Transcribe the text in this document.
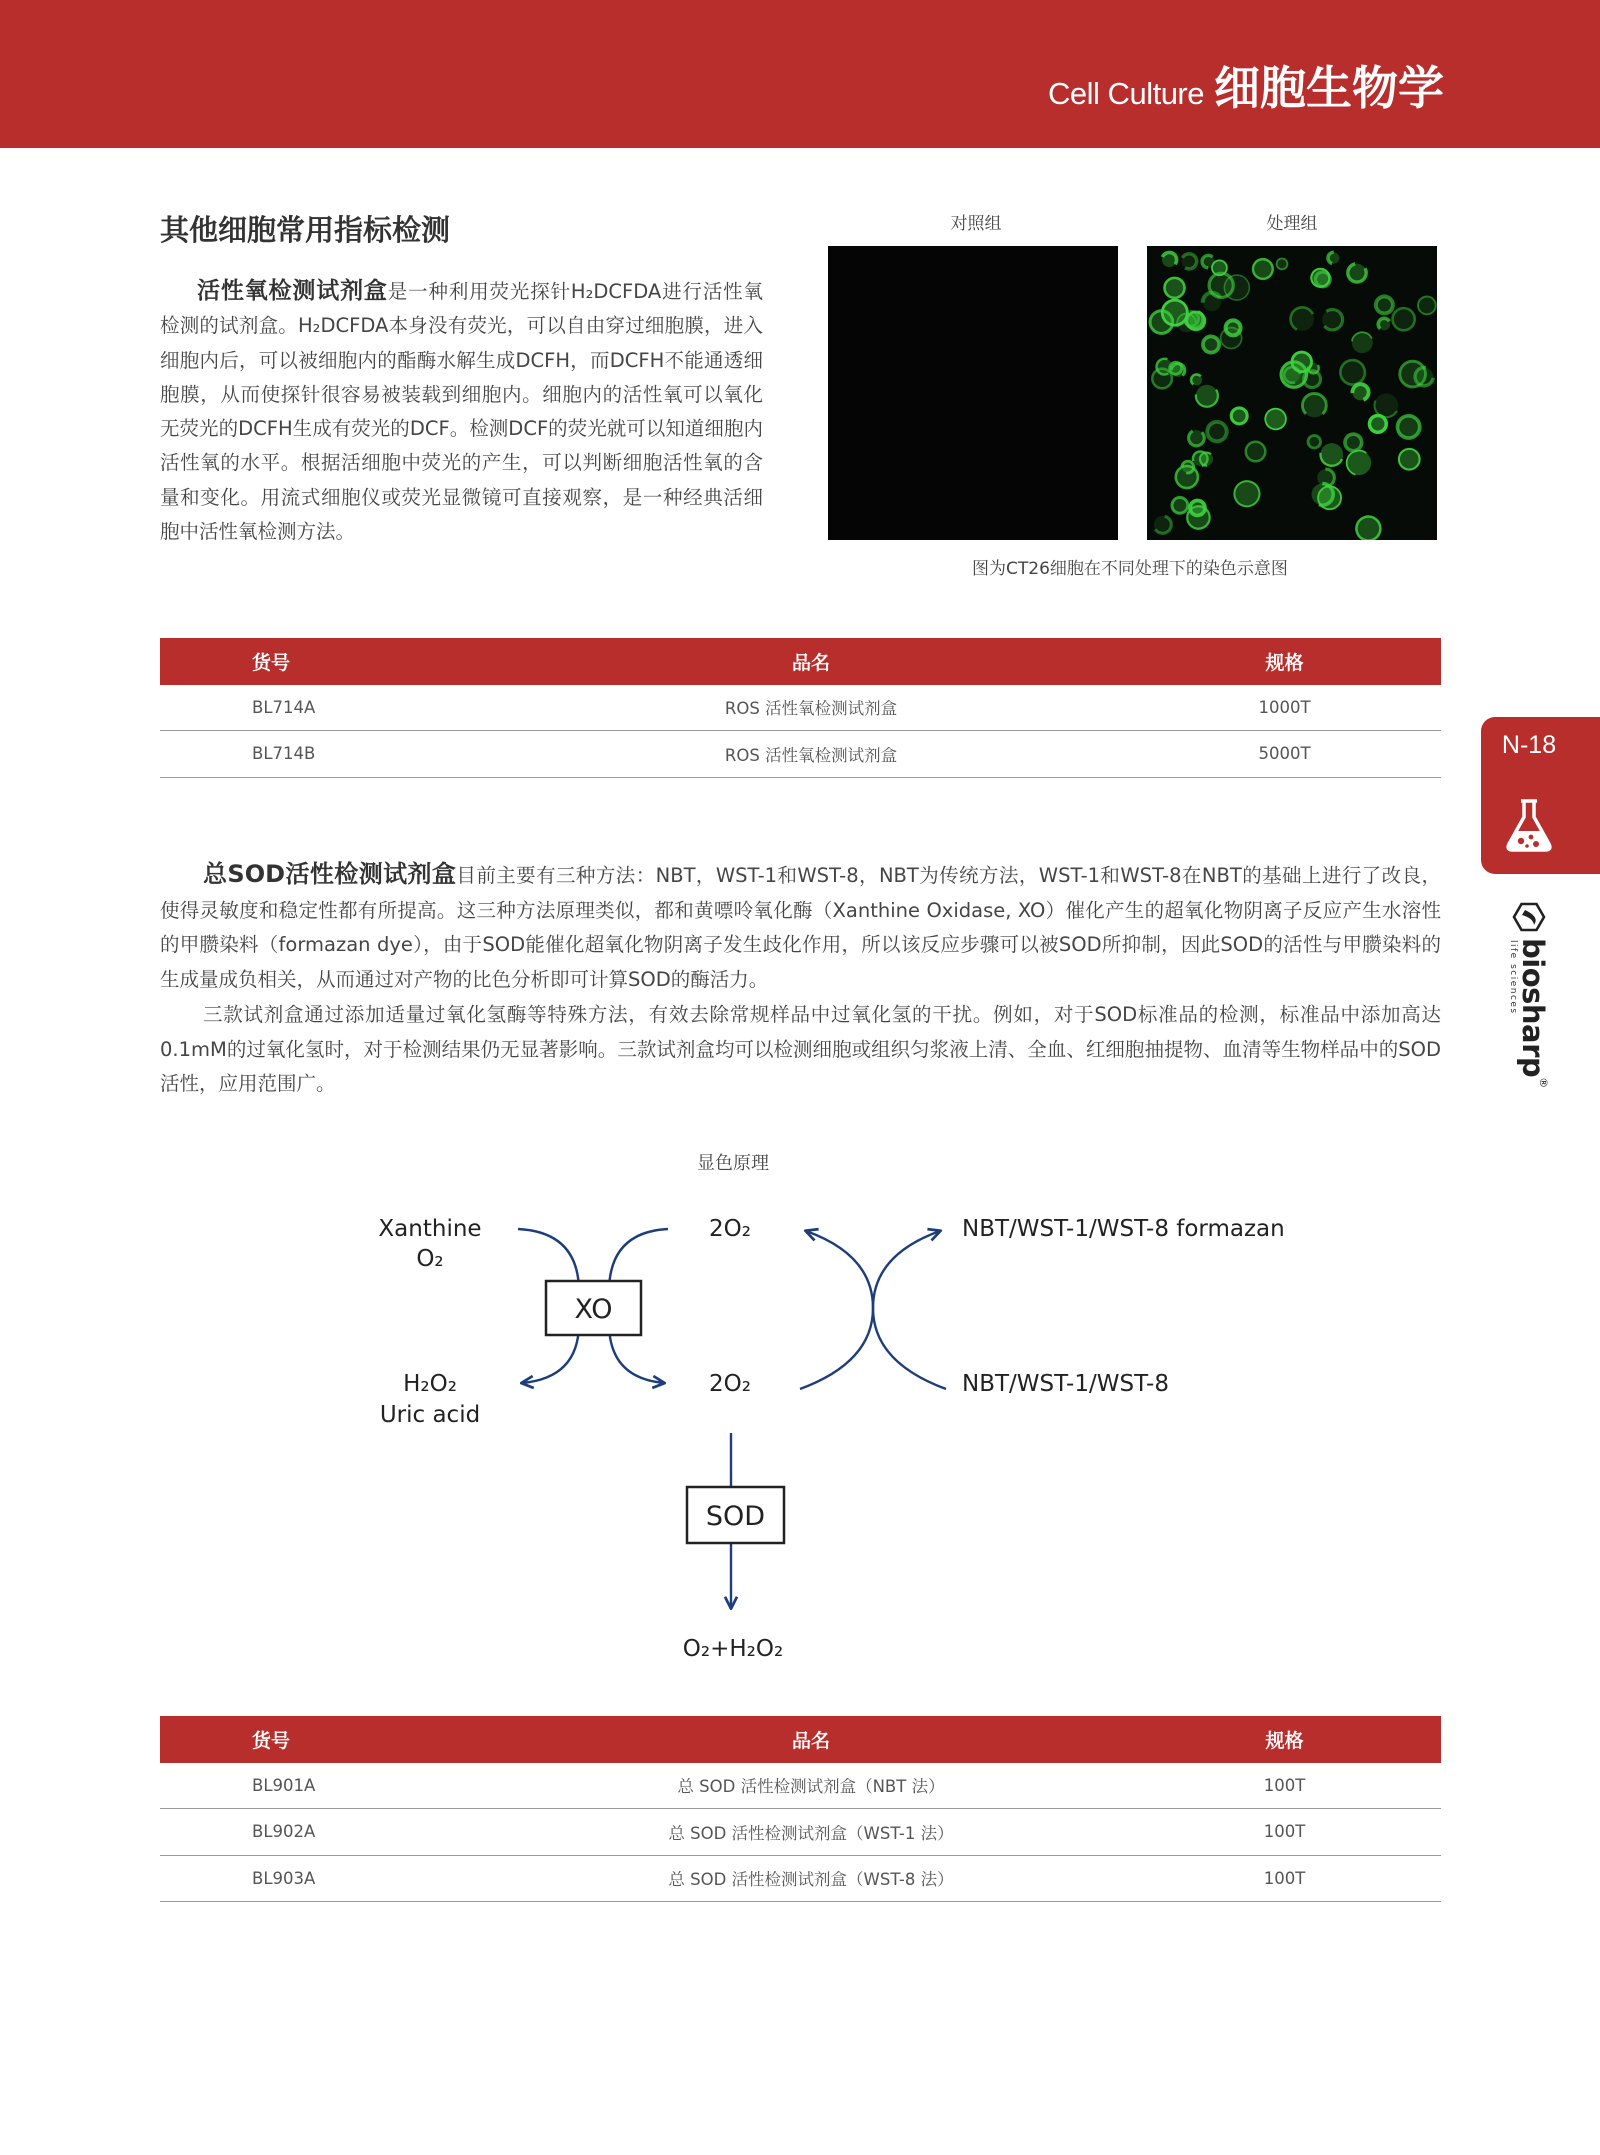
Cell Culture 细胞生物学
其他细胞常用指标检测

活性氧检测试剂盒是一种利用荧光探针H₂DCFDA进行活性氧检测的试剂盒。H₂DCFDA本身没有荧光，可以自由穿过细胞膜，进入细胞内后，可以被细胞内的酯酶水解生成DCFH，而DCFH不能通透细胞膜，从而使探针很容易被装载到细胞内。细胞内的活性氧可以氧化无荧光的DCFH生成有荧光的DCF。检测DCF的荧光就可以知道细胞内活性氧的水平。根据活细胞中荧光的产生，可以判断细胞活性氧的含量和变化。用流式细胞仪或荧光显微镜可直接观察，是一种经典活细胞中活性氧检测方法。

对照组	处理组
图为CT26细胞在不同处理下的染色示意图
货号	品名	规格
BL714A	ROS 活性氧检测试剂盒	1000T
BL714B	ROS 活性氧检测试剂盒	5000T	N-18
biosharp®
life sciences

总SOD活性检测试剂盒目前主要有三种方法：NBT，WST-1和WST-8，NBT为传统方法，WST-1和WST-8在NBT的基础上进行了改良，使得灵敏度和稳定性都有所提高。这三种方法原理类似，都和黄嘌呤氧化酶（Xanthine Oxidase, XO）催化产生的超氧化物阴离子反应产生水溶性的甲臜染料（formazan dye），由于SOD能催化超氧化物阴离子发生歧化作用，所以该反应步骤可以被SOD所抑制，因此SOD的活性与甲臜染料的生成量成负相关，从而通过对产物的比色分析即可计算SOD的酶活力。

三款试剂盒通过添加适量过氧化氢酶等特殊方法，有效去除常规样品中过氧化氢的干扰。例如，对于SOD标准品的检测，标准品中添加高达0.1mM的过氧化氢时，对于检测结果仍无显著影响。三款试剂盒均可以检测细胞或组织匀浆液上清、全血、红细胞抽提物、血清等生物样品中的SOD活性，应用范围广。

显色原理
Xanthine
O₂
2O₂	NBT/WST-1/WST-8 formazan
XO
H₂O₂
Uric acid
2O₂	NBT/WST-1/WST-8
SOD
O₂+H₂O₂
货号	品名	规格
BL901A	总 SOD 活性检测试剂盒（NBT 法）	100T
BL902A	总 SOD 活性检测试剂盒（WST-1 法）	100T
BL903A	总 SOD 活性检测试剂盒（WST-8 法）	100T
